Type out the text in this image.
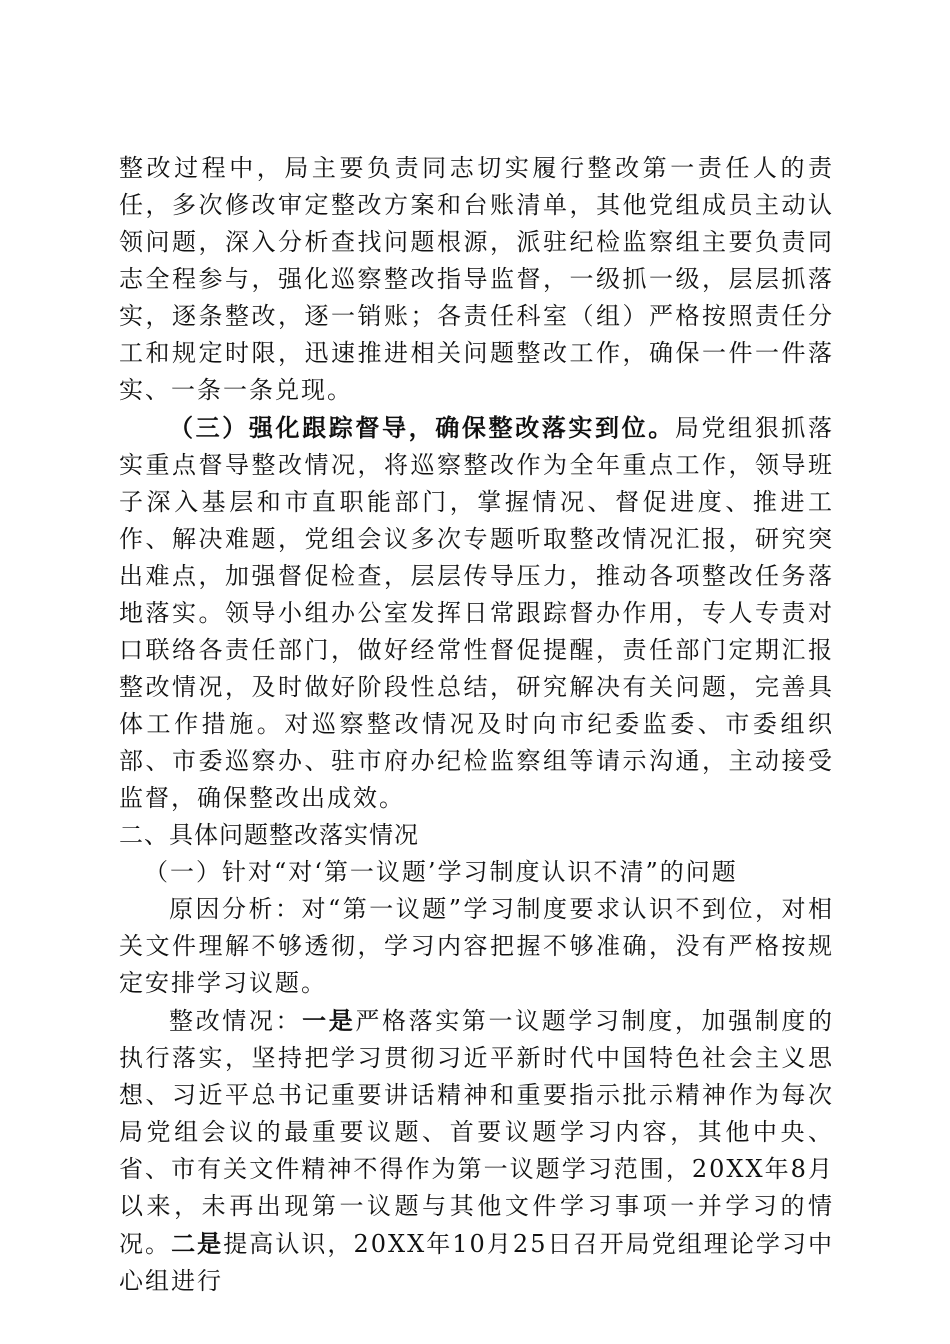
整改过程中，局主要负责同志切实履行整改第一责任人的责任，多次修改审定整改方案和台账清单，其他党组成员主动认领问题，深入分析查找问题根源，派驻纪检监察组主要负责同志全程参与，强化巡察整改指导监督，一级抓一级，层层抓落实，逐条整改，逐一销账；各责任科室（组）严格按照责任分工和规定时限，迅速推进相关问题整改工作，确保一件一件落实、一条一条兑现。

（三）强化跟踪督导，确保整改落实到位。局党组狠抓落实重点督导整改情况，将巡察整改作为全年重点工作，领导班子深入基层和市直职能部门，掌握情况、督促进度、推进工作、解决难题，党组会议多次专题听取整改情况汇报，研究突出难点，加强督促检查，层层传导压力，推动各项整改任务落地落实。领导小组办公室发挥日常跟踪督办作用，专人专责对口联络各责任部门，做好经常性督促提醒，责任部门定期汇报整改情况，及时做好阶段性总结，研究解决有关问题，完善具体工作措施。对巡察整改情况及时向市纪委监委、市委组织部、市委巡察办、驻市府办纪检监察组等请示沟通，主动接受监督，确保整改出成效。

二、具体问题整改落实情况

（一）针对“对‘第一议题’学习制度认识不清”的问题

原因分析：对“第一议题”学习制度要求认识不到位，对相关文件理解不够透彻，学习内容把握不够准确，没有严格按规定安排学习议题。

整改情况：一是严格落实第一议题学习制度，加强制度的执行落实，坚持把学习贯彻习近平新时代中国特色社会主义思想、习近平总书记重要讲话精神和重要指示批示精神作为每次局党组会议的最重要议题、首要议题学习内容，其他中央、省、市有关文件精神不得作为第一议题学习范围，20XX年8月以来，未再出现第一议题与其他文件学习事项一并学习的情况。二是提高认识，20XX年10月25日召开局党组理论学习中心组进行
